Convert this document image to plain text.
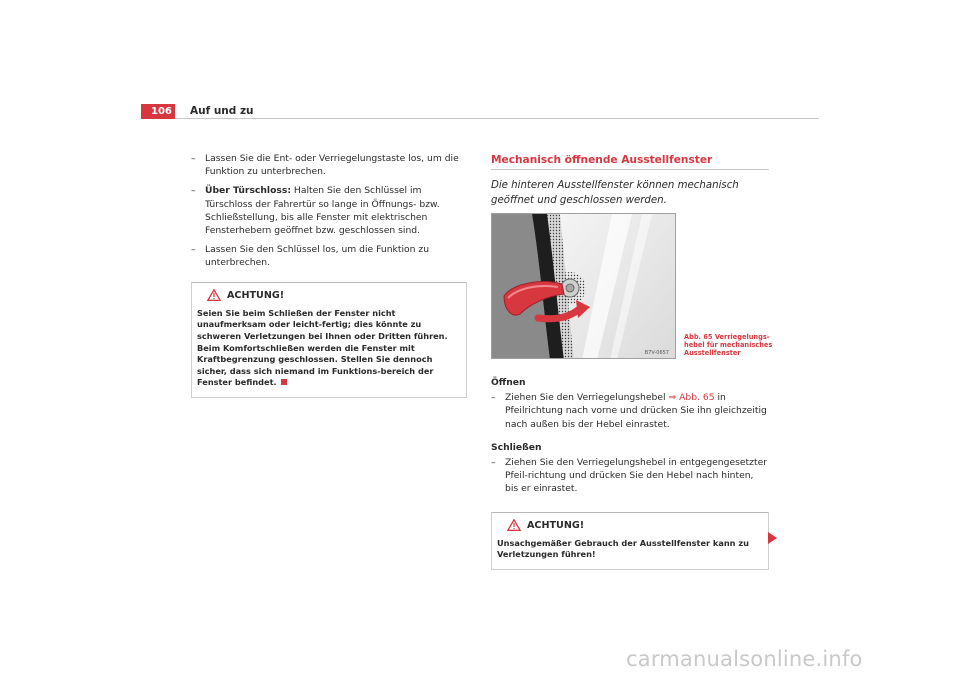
106 Auf und zu
– Lassen Sie die Ent- oder Verriegelungstaste los, um die Funktion zu unterbrechen.
– Über Türschloss: Halten Sie den Schlüssel im Türschloss der Fahrertür so lange in Öffnungs- bzw. Schließstellung, bis alle Fenster mit elektrischen Fensterhebern geöffnet bzw. geschlossen sind.
– Lassen Sie den Schlüssel los, um die Funktion zu unterbrechen.
ACHTUNG!
Seien Sie beim Schließen der Fenster nicht unaufmerksam oder leicht-fertig; dies könnte zu schweren Verletzungen bei Ihnen oder Dritten führen. Beim Komfortschließen werden die Fenster mit Kraftbegrenzung geschlossen. Stellen Sie dennoch sicher, dass sich niemand im Funktions-bereich der Fenster befindet.
Mechanisch öffnende Ausstellfenster
Die hinteren Ausstellfenster können mechanisch geöffnet und geschlossen werden.
B7V-0657
Abb. 65 Verriegelungs-hebel für mechanisches Ausstellfenster
Öffnen
– Ziehen Sie den Verriegelungshebel ⇒ Abb. 65 in Pfeilrichtung nach vorne und drücken Sie ihn gleichzeitig nach außen bis der Hebel einrastet.
Schließen
– Ziehen Sie den Verriegelungshebel in entgegengesetzter Pfeil-richtung und drücken Sie den Hebel nach hinten, bis er einrastet.
ACHTUNG!
Unsachgemäßer Gebrauch der Ausstellfenster kann zu Verletzungen führen!
carmanualsonline.info
